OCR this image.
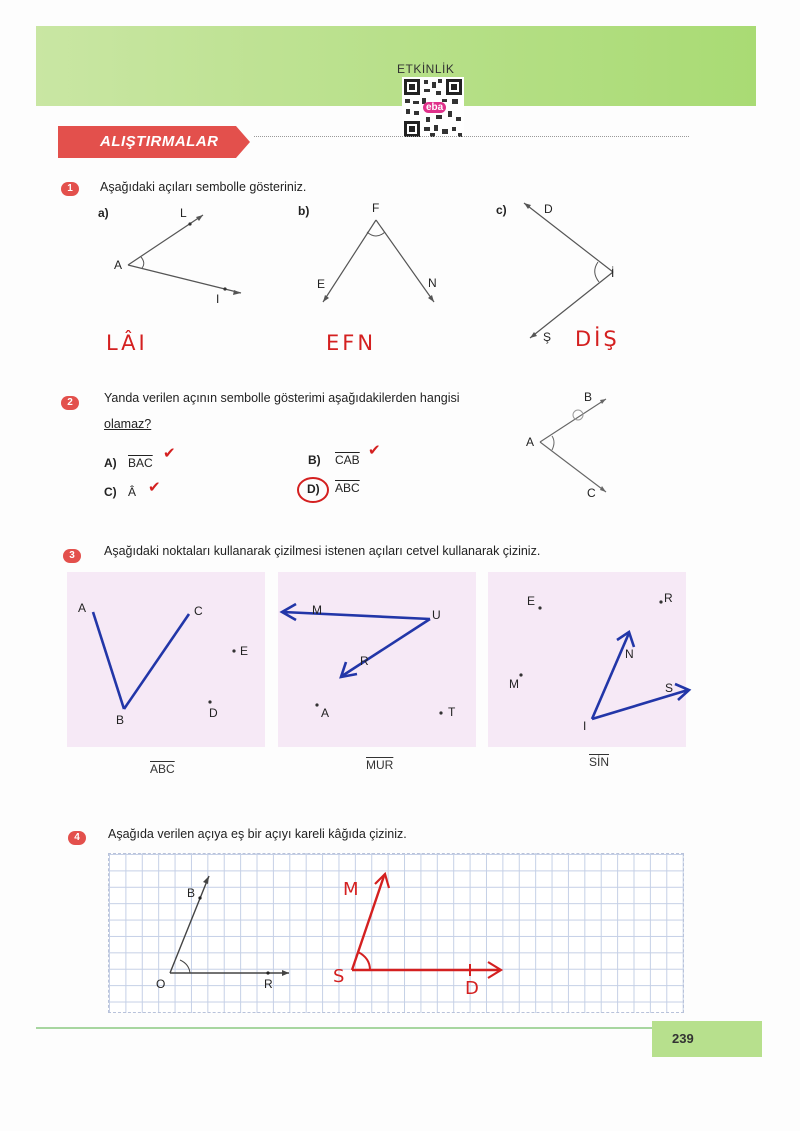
ETKİNLİK
eba
ALIŞTIRMALAR
1	Aşağıdaki açıları sembolle gösteriniz.
a)	b)	c)
L
A
I
LÂI
F
E	N
EFN
D
İ
Ş DİŞ
2	Yanda verilen açının sembolle gösterimi aşağıdakilerden hangisi
olamaz?
B
A
C
A) $\overline{BAC}$
✔	B) $\overline{CAB}$
✔
C) Â ✔	D) $\overline{ABC}$
3	Aşağıdaki noktaları kullanarak çizilmesi istenen açıları cetvel kullanarak çiziniz.
A	C
E
B	D
$\overline{ABC}$
M	U
R
A	T
$\overline{MUR}$
E	R
N
M	S
I
$\overline{SİN}$
4	Aşağıda verilen açıya eş bir açıyı kareli kâğıda çiziniz.
B
O	R
M
S
D
239
